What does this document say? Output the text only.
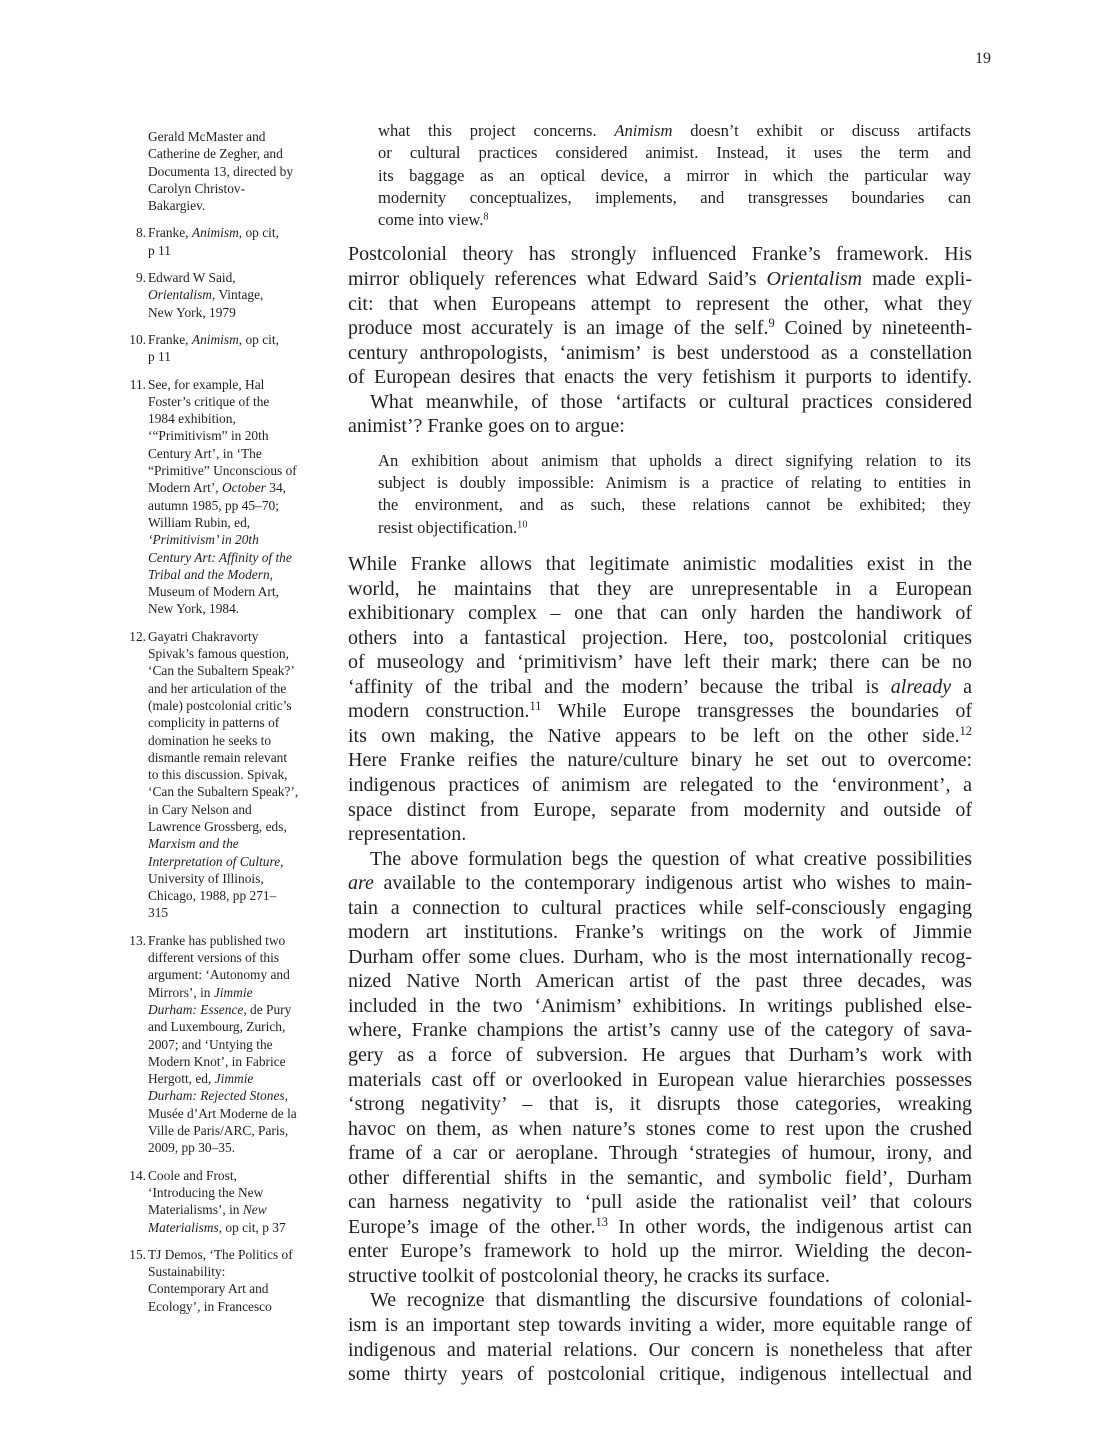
19
Gerald McMaster and
Catherine de Zegher, and
Documenta 13, directed by
Carolyn Christov-
Bakargiev.
8. Franke, Animism, op cit,
p 11
9. Edward W Said,
Orientalism, Vintage,
New York, 1979
10. Franke, Animism, op cit,
p 11
11. See, for example, Hal
Foster’s critique of the
1984 exhibition,
‘“Primitivism” in 20th
Century Art’, in ‘The
“Primitive” Unconscious of
Modern Art’, October 34,
autumn 1985, pp 45–70;
William Rubin, ed,
‘Primitivism’ in 20th
Century Art: Affinity of the
Tribal and the Modern,
Museum of Modern Art,
New York, 1984.
12. Gayatri Chakravorty
Spivak’s famous question,
‘Can the Subaltern Speak?’
and her articulation of the
(male) postcolonial critic’s
complicity in patterns of
domination he seeks to
dismantle remain relevant
to this discussion. Spivak,
‘Can the Subaltern Speak?’,
in Cary Nelson and
Lawrence Grossberg, eds,
Marxism and the
Interpretation of Culture,
University of Illinois,
Chicago, 1988, pp 271–
315
13. Franke has published two
different versions of this
argument: ‘Autonomy and
Mirrors’, in Jimmie
Durham: Essence, de Pury
and Luxembourg, Zurich,
2007; and ‘Untying the
Modern Knot’, in Fabrice
Hergott, ed, Jimmie
Durham: Rejected Stones,
Musée d’Art Moderne de la
Ville de Paris/ARC, Paris,
2009, pp 30–35.
14. Coole and Frost,
‘Introducing the New
Materialisms’, in New
Materialisms, op cit, p 37
15. TJ Demos, ‘The Politics of
Sustainability:
Contemporary Art and
Ecology’, in Francesco
what this project concerns. Animism doesn’t exhibit or discuss artifacts
or cultural practices considered animist. Instead, it uses the term and
its baggage as an optical device, a mirror in which the particular way
modernity conceptualizes, implements, and transgresses boundaries can
come into view.$^8$
Postcolonial theory has strongly influenced Franke’s framework. His
mirror obliquely references what Edward Said’s Orientalism made expli-
cit: that when Europeans attempt to represent the other, what they
produce most accurately is an image of the self.$^9$ Coined by nineteenth-
century anthropologists, ‘animism’ is best understood as a constellation
of European desires that enacts the very fetishism it purports to identify.
What meanwhile, of those ‘artifacts or cultural practices considered
animist’? Franke goes on to argue:
An exhibition about animism that upholds a direct signifying relation to its
subject is doubly impossible: Animism is a practice of relating to entities in
the environment, and as such, these relations cannot be exhibited; they
resist objectification.$^{10}$
While Franke allows that legitimate animistic modalities exist in the
world, he maintains that they are unrepresentable in a European
exhibitionary complex – one that can only harden the handiwork of
others into a fantastical projection. Here, too, postcolonial critiques
of museology and ‘primitivism’ have left their mark; there can be no
‘affinity of the tribal and the modern’ because the tribal is already a
modern construction.$^{11}$ While Europe transgresses the boundaries of
its own making, the Native appears to be left on the other side.$^{12}$
Here Franke reifies the nature/culture binary he set out to overcome:
indigenous practices of animism are relegated to the ‘environment’, a
space distinct from Europe, separate from modernity and outside of
representation.
The above formulation begs the question of what creative possibilities
are available to the contemporary indigenous artist who wishes to main-
tain a connection to cultural practices while self-consciously engaging
modern art institutions. Franke’s writings on the work of Jimmie
Durham offer some clues. Durham, who is the most internationally recog-
nized Native North American artist of the past three decades, was
included in the two ‘Animism’ exhibitions. In writings published else-
where, Franke champions the artist’s canny use of the category of sava-
gery as a force of subversion. He argues that Durham’s work with
materials cast off or overlooked in European value hierarchies possesses
‘strong negativity’ – that is, it disrupts those categories, wreaking
havoc on them, as when nature’s stones come to rest upon the crushed
frame of a car or aeroplane. Through ‘strategies of humour, irony, and
other differential shifts in the semantic, and symbolic field’, Durham
can harness negativity to ‘pull aside the rationalist veil’ that colours
Europe’s image of the other.$^{13}$ In other words, the indigenous artist can
enter Europe’s framework to hold up the mirror. Wielding the decon-
structive toolkit of postcolonial theory, he cracks its surface.
We recognize that dismantling the discursive foundations of colonial-
ism is an important step towards inviting a wider, more equitable range of
indigenous and material relations. Our concern is nonetheless that after
some thirty years of postcolonial critique, indigenous intellectual and
